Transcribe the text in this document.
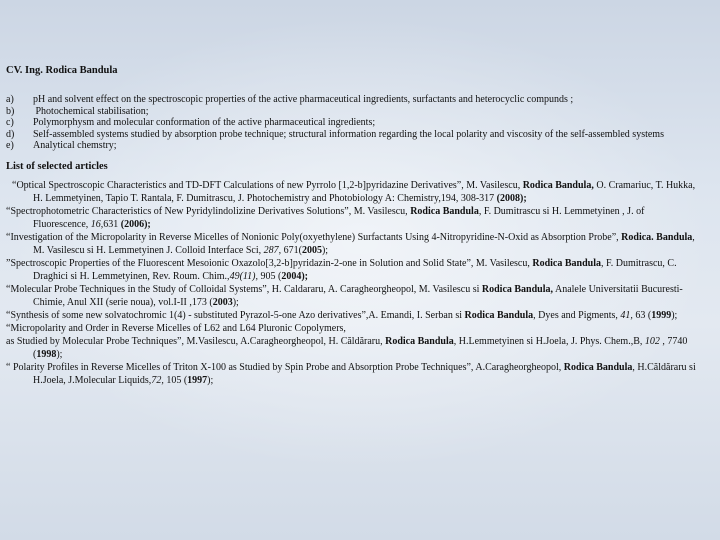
CV. Ing. Rodica Bandula
a)	pH and solvent effect on the spectroscopic properties of the active pharmaceutical ingredients, surfactants and heterocyclic compunds ;
b)	Photochemical stabilisation;
c)	Polymorphysm and molecular conformation of the active pharmaceutical ingredients;
d)	Self-assembled systems studied by absorption probe technique; structural information regarding the local polarity and viscosity of the self-assembled systems
e)	Analytical chemstry;
List of selected articles

“Optical Spectroscopic Characteristics and TD-DFT Calculations of new Pyrrolo [1,2-b]pyridazine Derivatives”, M. Vasilescu, Rodica Bandula, O. Cramariuc, T. Hukka, H. Lemmetyinen, Tapio T. Rantala, F. Dumitrascu, J. Photochemistry and Photobiology A: Chemistry,194, 308-317 (2008);

“Spectrophotometric Characteristics of New Pyridylindolizine Derivatives Solutions”, M. Vasilescu, Rodica Bandula, F. Dumitrascu si H. Lemmetyinen , J. of Fluorescence, 16,631 (2006);

“Investigation of the Micropolarity in Reverse Micelles of Nonionic Poly(oxyethylene) Surfactants Using 4-Nitropyridine-N-Oxid as Absorption Probe”, Rodica. Bandula, M. Vasilescu si H. Lemmetyinen J. Colloid Interface Sci, 287, 671(2005);

”Spectroscopic Properties of the Fluorescent Mesoionic Oxazolo[3,2-b]pyridazin-2-one in Solution and Solid State”, M. Vasilescu, Rodica Bandula, F. Dumitrascu, C. Draghici si H. Lemmetyinen, Rev. Roum. Chim.,49(11), 905 (2004);

“Molecular Probe Techniques in the Study of Colloidal Systems”, H. Caldararu, A. Caragheorgheopol, M. Vasilescu si Rodica Bandula, Analele Universitatii Bucuresti-Chimie, Anul XII (serie noua), vol.I-II ,173 (2003);

“Synthesis of some new solvatochromic 1(4) - substituted Pyrazol-5-one Azo derivatives”,A. Emandi, I. Serban si Rodica Bandula, Dyes and Pigments, 41, 63 (1999);

“Micropolarity and Order in Reverse Micelles of L62 and L64 Pluronic Copolymers,

as Studied by Molecular Probe Techniques”, M.Vasilescu, A.Caragheorgheopol, H. Căldăraru, Rodica Bandula, H.Lemmetyinen si H.Joela, J. Phys. Chem.,B, 102 , 7740 (1998);

“ Polarity Profiles in Reverse Micelles of Triton X-100 as Studied by Spin Probe and Absorption Probe Techniques”, A.Caragheorgheopol, Rodica Bandula, H.Căldăraru si H.Joela, J.Molecular Liquids,72, 105 (1997);
